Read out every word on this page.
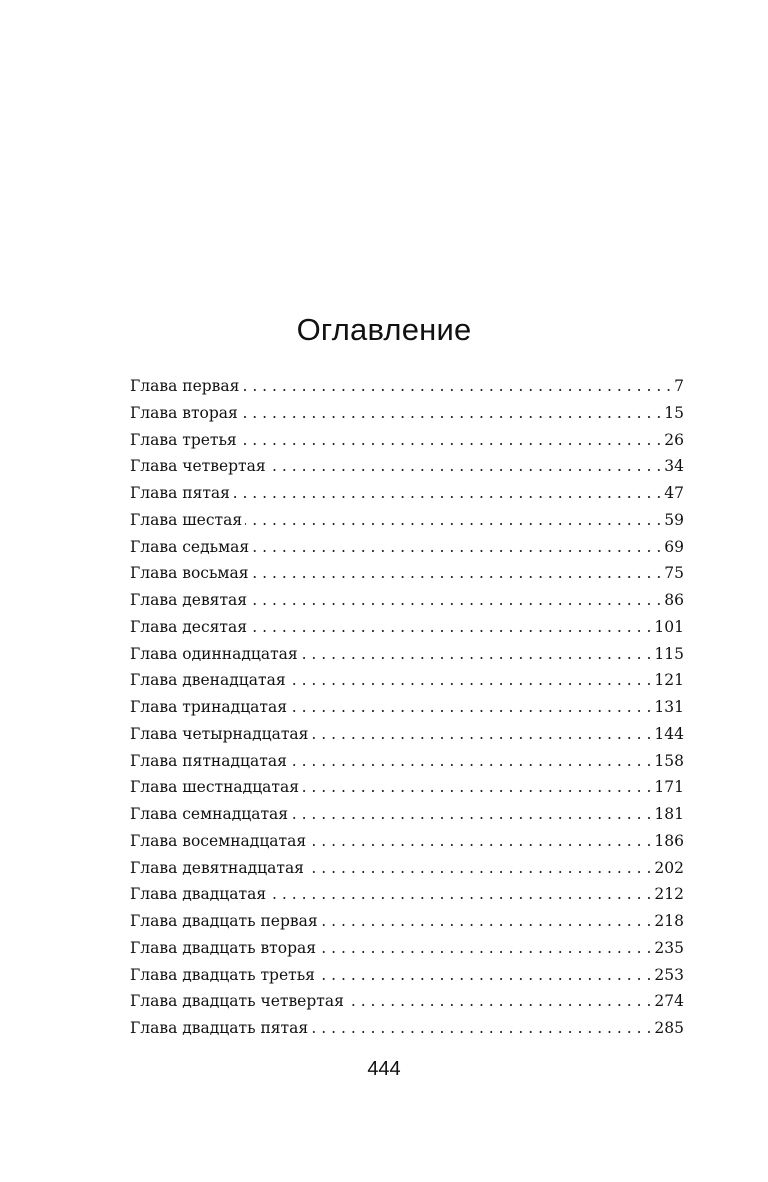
Оглавление
Глава первая . . .	7
Глава вторая . . .	15
Глава третья . . .	26
Глава четвертая . . .	34
Глава пятая . . .	47
Глава шестая . . .	59
Глава седьмая . . .	69
Глава восьмая . . .	75
Глава девятая . . .	86
Глава десятая . . .	101
Глава одиннадцатая . . .	115
Глава двенадцатая . . .	121
Глава тринадцатая . . .	131
Глава четырнадцатая . . .	144
Глава пятнадцатая . . .	158
Глава шестнадцатая . . .	171
Глава семнадцатая . . .	181
Глава восемнадцатая . . .	186
Глава девятнадцатая . . .	202
Глава двадцатая . . .	212
Глава двадцать первая . . .	218
Глава двадцать вторая . . .	235
Глава двадцать третья . . .	253
Глава двадцать четвертая . . .	274
Глава двадцать пятая . . .	285
444
